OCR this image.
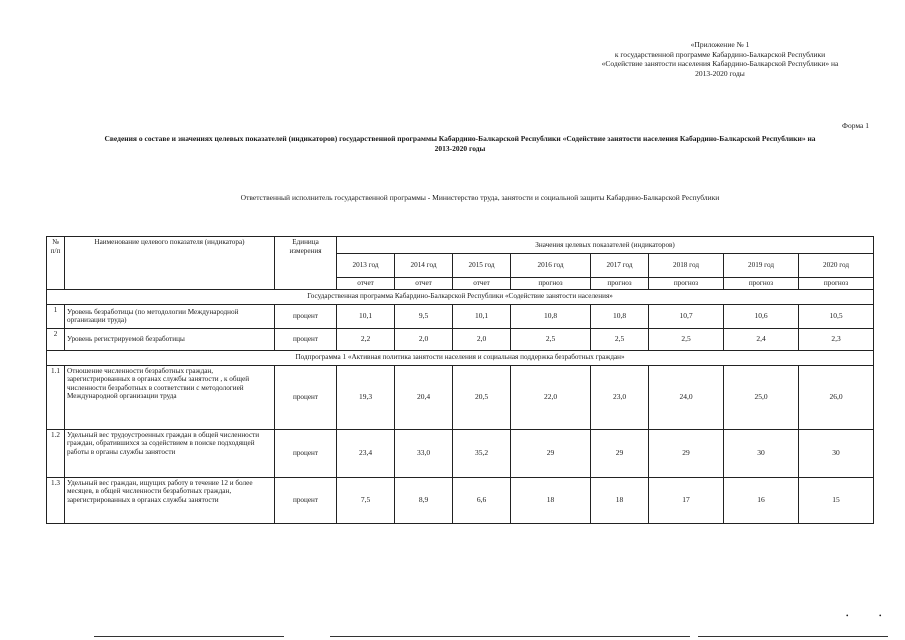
«Приложение № 1
к государственной программе Кабардино-Балкарской Республики
«Содействие занятости населения Кабардино-Балкарской Республики» на
2013-2020 годы
Форма 1
Сведения о составе и значениях целевых показателей (индикаторов) государственной программы Кабардино-Балкарской Республики «Содействие занятости населения Кабардино-Балкарской Республики» на
2013-2020 годы
Ответственный исполнитель государственной программы - Министерство труда, занятости и социальной защиты Кабардино-Балкарской Республики
№ п/п	Наименование целевого показателя (индикатора)	Единица измерения	Значения целевых показателей (индикаторов)							
			2013 год	2014 год	2015 год	2016 год	2017 год	2018 год	2019 год	2020 год
			отчет	отчет	отчет	прогноз	прогноз	прогноз	прогноз	прогноз
Государственная программа Кабардино-Балкарской Республики «Содействие занятости населения»										
1	Уровень безработицы (по методологии Международной организации труда)	процент	10,1	9,5	10,1	10,8	10,8	10,7	10,6	10,5
2	Уровень регистрируемой безработицы	процент	2,2	2,0	2,0	2,5	2,5	2,5	2,4	2,3
Подпрограмма 1 «Активная политика занятости населения и социальная поддержка безработных граждан»										
1.1	Отношение численности безработных граждан, зарегистрированных в органах службы занятости , к общей численности безработных в соответствии с методологией Международной организации труда	процент	19,3	20,4	20,5	22,0	23,0	24,0	25,0	26,0
1.2	Удельный вес трудоустроенных граждан в общей численности граждан, обратившихся за содействием в поиске подходящей работы в органы службы занятости	процент	23,4	33,0	35,2	29	29	29	30	30
1.3	Удельный вес граждан, ищущих работу в течение 12 и более месяцев, в общей численности безработных граждан, зарегистрированных в органах службы занятости	процент	7,5	8,9	6,6	18	18	17	16	15
•	•
